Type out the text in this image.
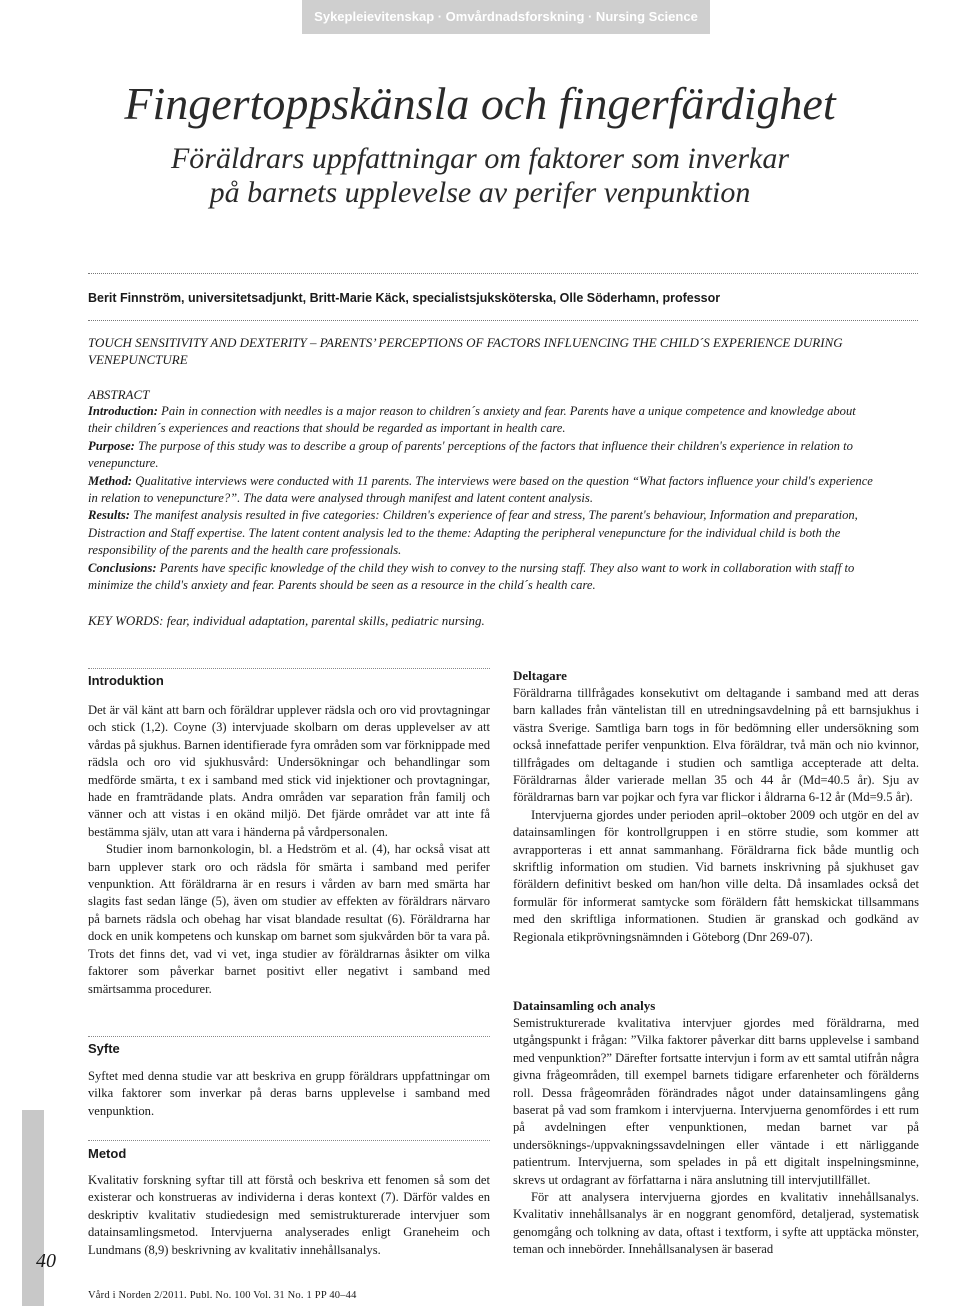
Sykepleievitenskap · Omvårdnadsforskning · Nursing Science
Fingertoppskänsla och fingerfärdighet
Föräldrars uppfattningar om faktorer som inverkar
på barnets upplevelse av perifer venpunktion
Berit Finnström, universitetsadjunkt, Britt-Marie Käck, specialistsjuksköterska, Olle Söderhamn, professor
TOUCH SENSITIVITY AND DEXTERITY – PARENTS’ PERCEPTIONS OF FACTORS INFLUENCING THE CHILD´S EXPERIENCE DURING VENEPUNCTURE
ABSTRACT

Introduction: Pain in connection with needles is a major reason to children´s anxiety and fear. Parents have a unique competence and knowledge about their children´s experiences and reactions that should be regarded as important in health care.

Purpose: The purpose of this study was to describe a group of parents' perceptions of the factors that influence their children's experience in relation to venepuncture.

Method: Qualitative interviews were conducted with 11 parents. The interviews were based on the question “What factors influence your child's experience in relation to venepuncture?”. The data were analysed through manifest and latent content analysis.

Results: The manifest analysis resulted in five categories: Children's experience of fear and stress, The parent's behaviour, Information and preparation, Distraction and Staff expertise. The latent content analysis led to the theme: Adapting the peripheral venepuncture for the individual child is both the responsibility of the parents and the health care professionals.

Conclusions: Parents have specific knowledge of the child they wish to convey to the nursing staff. They also want to work in collaboration with staff to minimize the child's anxiety and fear. Parents should be seen as a resource in the child´s health care.

KEY WORDS: fear, individual adaptation, parental skills, pediatric nursing.
Introduktion

Det är väl känt att barn och föräldrar upplever rädsla och oro vid provtagningar och stick (1,2). Coyne (3) intervjuade skolbarn om deras upplevelser av att vårdas på sjukhus. Barnen identifierade fyra områden som var förknippade med rädsla och oro vid sjukhusvård: Undersökningar och behandlingar som medförde smärta, t ex i samband med stick vid injektioner och provtagningar, hade en framträdande plats. Andra områden var separation från familj och vänner och att vistas i en okänd miljö. Det fjärde området var att inte få bestämma själv, utan att vara i händerna på vårdpersonalen.

Studier inom barnonkologin, bl. a Hedström et al. (4), har också visat att barn upplever stark oro och rädsla för smärta i samband med perifer venpunktion. Att föräldrarna är en resurs i vården av barn med smärta har slagits fast sedan länge (5), även om studier av effekten av föräldrars närvaro på barnets rädsla och obehag har visat blandade resultat (6). Föräldrarna har dock en unik kompetens och kunskap om barnet som sjukvården bör ta vara på. Trots det finns det, vad vi vet, inga studier av föräldrarnas åsikter om vilka faktorer som påverkar barnet positivt eller negativt i samband med smärtsamma procedurer.

Syfte

Syftet med denna studie var att beskriva en grupp föräldrars uppfattningar om vilka faktorer som inverkar på deras barns upplevelse i samband med venpunktion.

Metod

Kvalitativ forskning syftar till att förstå och beskriva ett fenomen så som det existerar och konstrueras av individerna i deras kontext (7). Därför valdes en deskriptiv kvalitativ studiedesign med semistrukturerade intervjuer som datainsamlingsmetod. Intervjuerna analyserades enligt Graneheim och Lundmans (8,9) beskrivning av kvalitativ innehållsanalys.

Deltagare

Föräldrarna tillfrågades konsekutivt om deltagande i samband med att deras barn kallades från väntelistan till en utredningsavdelning på ett barnsjukhus i västra Sverige. Samtliga barn togs in för bedömning eller undersökning som också innefattade perifer venpunktion. Elva föräldrar, två män och nio kvinnor, tillfrågades om deltagande i studien och samtliga accepterade att delta. Föräldrarnas ålder varierade mellan 35 och 44 år (Md=40.5 år). Sju av föräldrarnas barn var pojkar och fyra var flickor i åldrarna 6-12 år (Md=9.5 år).

Intervjuerna gjordes under perioden april–oktober 2009 och utgör en del av datainsamlingen för kontrollgruppen i en större studie, som kommer att avrapporteras i ett annat sammanhang. Föräldrarna fick både muntlig och skriftlig information om studien. Vid barnets inskrivning på sjukhuset gav föräldern definitivt besked om han/hon ville delta. Då insamlades också det formulär för informerat samtycke som föräldern fått hemskickat tillsammans med den skriftliga informationen. Studien är granskad och godkänd av Regionala etikprövningsnämnden i Göteborg (Dnr 269-07).

Datainsamling och analys

Semistrukturerade kvalitativa intervjuer gjordes med föräldrarna, med utgångspunkt i frågan: ”Vilka faktorer påverkar ditt barns upplevelse i samband med venpunktion?” Därefter fortsatte intervjun i form av ett samtal utifrån några givna frågeområden, till exempel barnets tidigare erfarenheter och förälderns roll. Dessa frågeområden förändrades något under datainsamlingens gång baserat på vad som framkom i intervjuerna. Intervjuerna genomfördes i ett rum på avdelningen efter venpunktionen, medan barnet var på undersöknings-/uppvakningssavdelningen eller väntade i ett närliggande patientrum. Intervjuerna, som spelades in på ett digitalt inspelningsminne, skrevs ut ordagrant av författarna i nära anslutning till intervjutillfället.

För att analysera intervjuerna gjordes en kvalitativ innehållsanalys. Kvalitativ innehållsanalys är en noggrant genomförd, detaljerad, systematisk genomgång och tolkning av data, oftast i textform, i syfte att upptäcka mönster, teman och innebörder. Innehållsanalysen är baserad

40
Vård i Norden 2/2011. Publ. No. 100 Vol. 31 No. 1 PP 40–44
